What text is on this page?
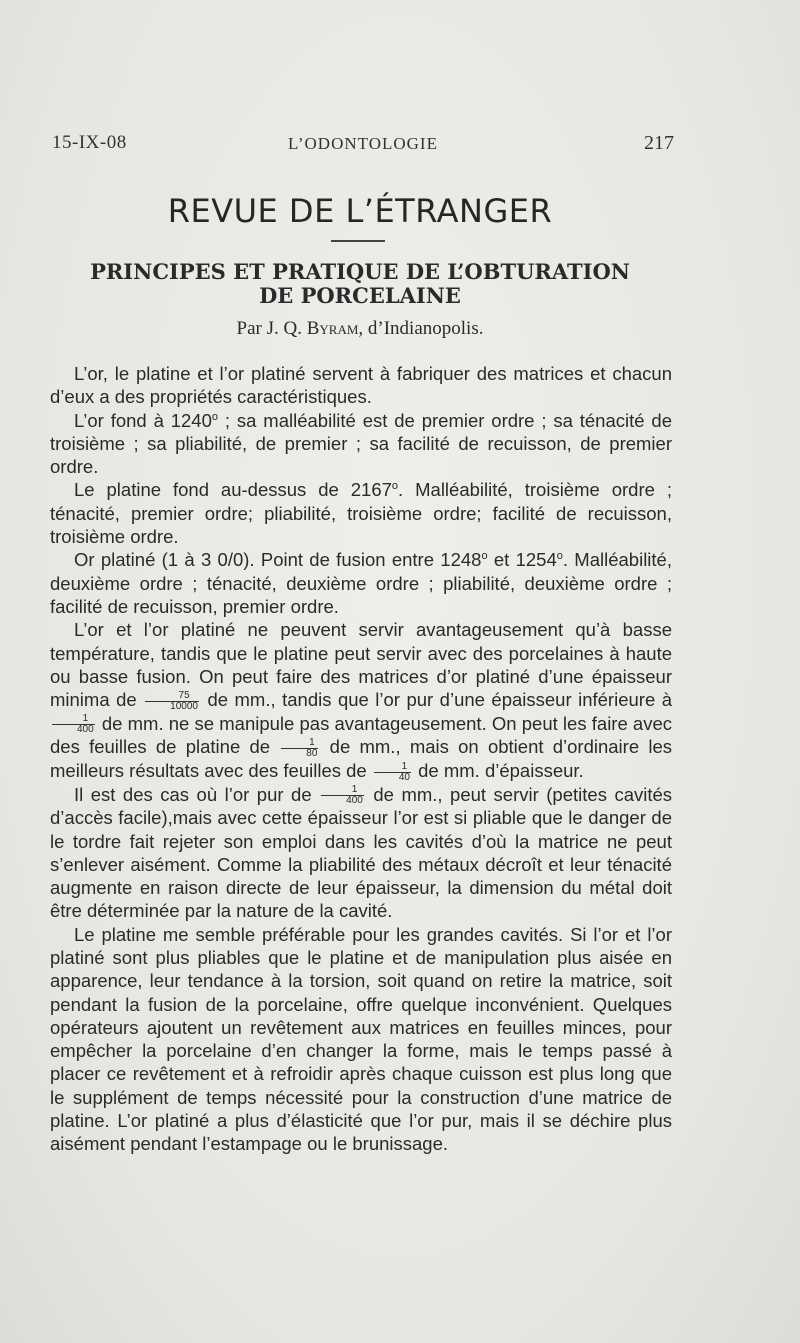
15-IX-08	L’ODONTOLOGIE	217
REVUE DE L’ÉTRANGER
PRINCIPES ET PRATIQUE DE L’OBTURATION
DE PORCELAINE
Par J. Q. Byram, d’Indianopolis.

L’or, le platine et l’or platiné servent à fabriquer des matrices et chacun d’eux a des propriétés caractéristiques.

L’or fond à 1240$^o$ ; sa malléabilité est de premier ordre ; sa ténacité de troisième ; sa pliabilité, de premier ; sa facilité de recuisson, de premier ordre.

Le platine fond au-dessus de 2167$^o$. Malléabilité, troisième ordre ; ténacité, premier ordre; pliabilité, troisième ordre; facilité de recuisson, troisième ordre.

Or platiné (1 à 3 0/0). Point de fusion entre 1248$^o$ et 1254$^o$. Malléabilité, deuxième ordre ; ténacité, deuxième ordre ; pliabilité, deuxième ordre ; facilité de recuisson, premier ordre.

L’or et l’or platiné ne peuvent servir avantageusement qu’à basse température, tandis que le platine peut servir avec des porcelaines à haute ou basse fusion. On peut faire des matrices d’or platiné d’une épaisseur minima de $\frac{75}{10000}$ de mm., tandis que l’or pur d’une épaisseur inférieure à
$\frac{1}{400}$ de mm. ne se manipule pas avantageusement. On peut les faire avec des feuilles de platine de $\frac{1}{80}$ de mm., mais on obtient d’ordinaire les meilleurs résultats avec des feuilles de $\frac{1}{40}$ de mm. d’épaisseur.

Il est des cas où l’or pur de $\frac{1}{400}$ de mm., peut servir (petites cavités d’accès facile),mais avec cette épaisseur l’or est si pliable que le danger de le tordre fait rejeter son emploi dans les cavités d’où la matrice ne peut s’enlever aisément. Comme la pliabilité des métaux décroît et leur ténacité augmente en raison directe de leur épaisseur, la dimension du métal doit être déterminée par la nature de la cavité.

Le platine me semble préférable pour les grandes cavités. Si l’or et l’or platiné sont plus pliables que le platine et de manipulation plus aisée en apparence, leur tendance à la torsion, soit quand on retire la matrice, soit pendant la fusion de la porcelaine, offre quelque inconvénient. Quelques opérateurs ajoutent un revêtement aux matrices en feuilles minces, pour empêcher la porcelaine d’en changer la forme, mais le temps passé à placer ce revêtement et à refroidir après chaque cuisson est plus long que le supplément de temps nécessité pour la construction d’une matrice de platine. L’or platiné a plus d’élasticité que l’or pur, mais il se déchire plus aisément pendant l’estampage ou le brunissage.
